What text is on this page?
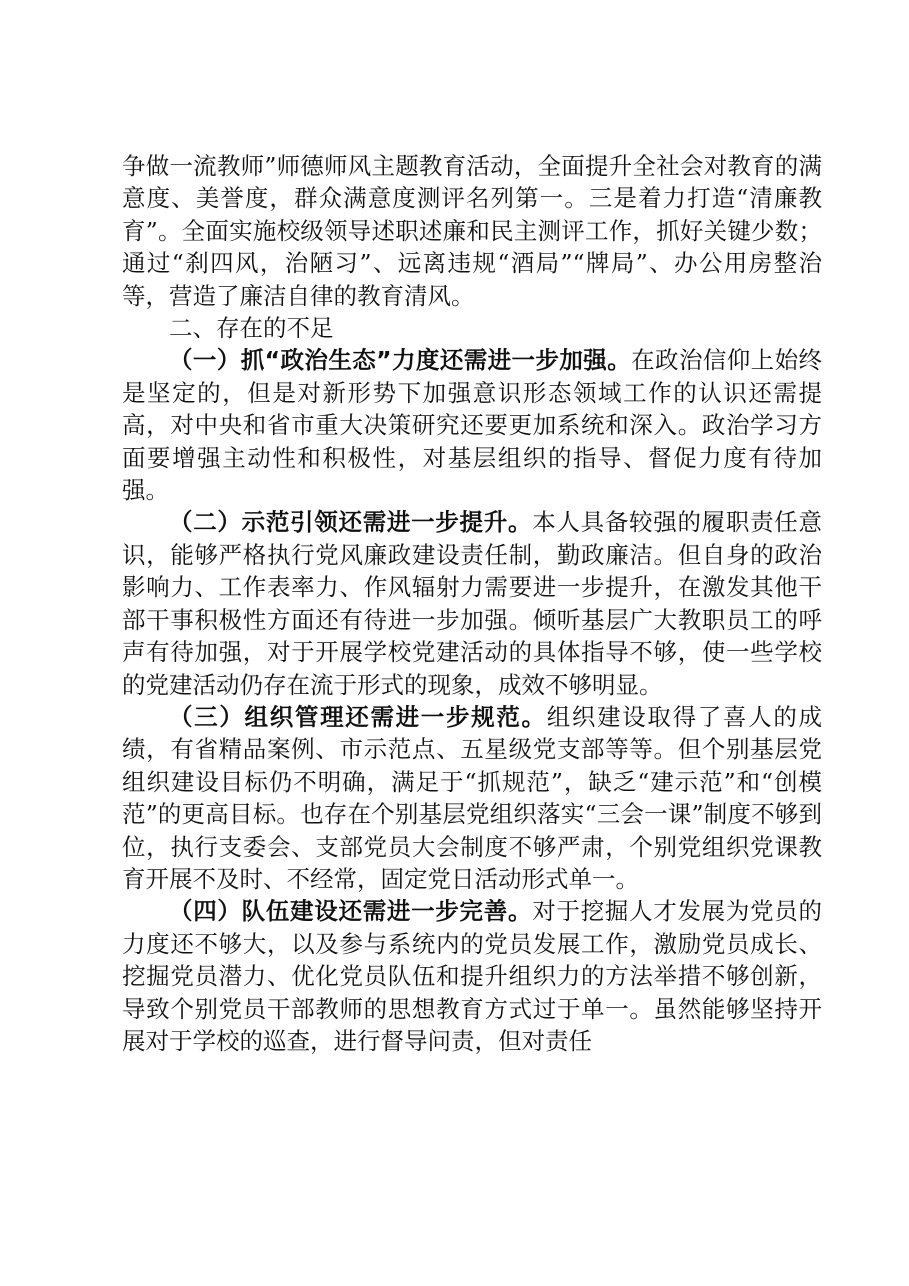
争做一流教师”师德师风主题教育活动，全面提升全社会对教育的满意度、美誉度，群众满意度测评名列第一。三是着力打造“清廉教育”。全面实施校级领导述职述廉和民主测评工作，抓好关键少数；通过“刹四风，治陋习”、远离违规“酒局”“牌局”、办公用房整治等，营造了廉洁自律的教育清风。

二、存在的不足

（一）抓“政治生态”力度还需进一步加强。在政治信仰上始终是坚定的，但是对新形势下加强意识形态领域工作的认识还需提高，对中央和省市重大决策研究还要更加系统和深入。政治学习方面要增强主动性和积极性，对基层组织的指导、督促力度有待加强。

（二）示范引领还需进一步提升。本人具备较强的履职责任意识，能够严格执行党风廉政建设责任制，勤政廉洁。但自身的政治影响力、工作表率力、作风辐射力需要进一步提升，在激发其他干部干事积极性方面还有待进一步加强。倾听基层广大教职员工的呼声有待加强，对于开展学校党建活动的具体指导不够，使一些学校的党建活动仍存在流于形式的现象，成效不够明显。

（三）组织管理还需进一步规范。组织建设取得了喜人的成绩，有省精品案例、市示范点、五星级党支部等等。但个别基层党组织建设目标仍不明确，满足于“抓规范”，缺乏“建示范”和“创模范”的更高目标。也存在个别基层党组织落实“三会一课”制度不够到位，执行支委会、支部党员大会制度不够严肃，个别党组织党课教育开展不及时、不经常，固定党日活动形式单一。

（四）队伍建设还需进一步完善。对于挖掘人才发展为党员的力度还不够大，以及参与系统内的党员发展工作，激励党员成长、挖掘党员潜力、优化党员队伍和提升组织力的方法举措不够创新，导致个别党员干部教师的思想教育方式过于单一。虽然能够坚持开展对于学校的巡查，进行督导问责，但对责任
